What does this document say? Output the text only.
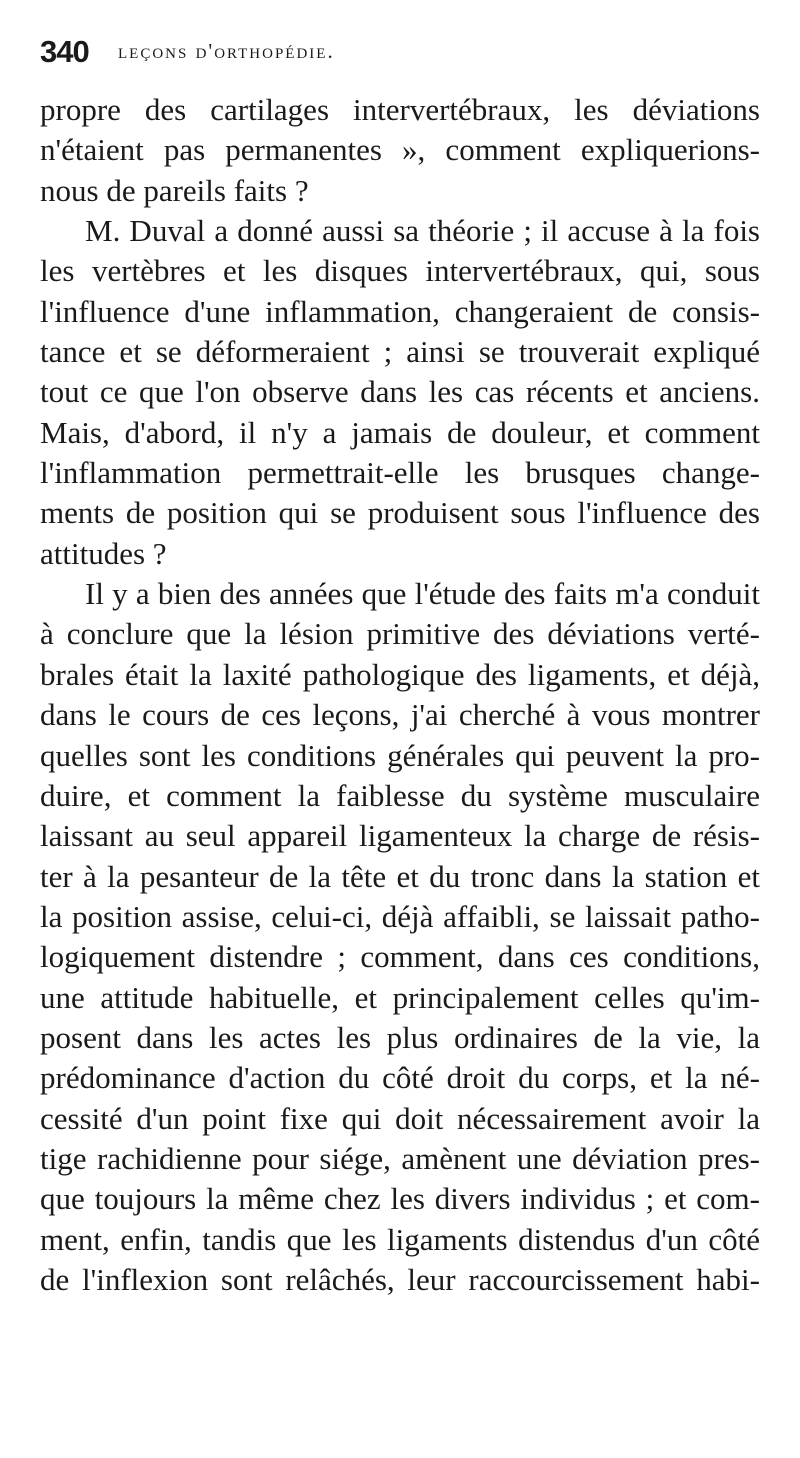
340 leçons d'orthopédie.
propre des cartilages intervertébraux, les déviations
n'étaient pas permanentes », comment expliquerions-
nous de pareils faits ?
M. Duval a donné aussi sa théorie ; il accuse à la fois
les vertèbres et les disques intervertébraux, qui, sous
l'influence d'une inflammation, changeraient de consis-
tance et se déformeraient ; ainsi se trouverait expliqué
tout ce que l'on observe dans les cas récents et anciens.
Mais, d'abord, il n'y a jamais de douleur, et comment
l'inflammation permettrait-elle les brusques change-
ments de position qui se produisent sous l'influence des
attitudes ?
Il y a bien des années que l'étude des faits m'a conduit
à conclure que la lésion primitive des déviations verté-
brales était la laxité pathologique des ligaments, et déjà,
dans le cours de ces leçons, j'ai cherché à vous montrer
quelles sont les conditions générales qui peuvent la pro-
duire, et comment la faiblesse du système musculaire
laissant au seul appareil ligamenteux la charge de résis-
ter à la pesanteur de la tête et du tronc dans la station et
la position assise, celui-ci, déjà affaibli, se laissait patho-
logiquement distendre ; comment, dans ces conditions,
une attitude habituelle, et principalement celles qu'im-
posent dans les actes les plus ordinaires de la vie, la
prédominance d'action du côté droit du corps, et la né-
cessité d'un point fixe qui doit nécessairement avoir la
tige rachidienne pour siége, amènent une déviation pres-
que toujours la même chez les divers individus ; et com-
ment, enfin, tandis que les ligaments distendus d'un côté
de l'inflexion sont relâchés, leur raccourcissement habi-
